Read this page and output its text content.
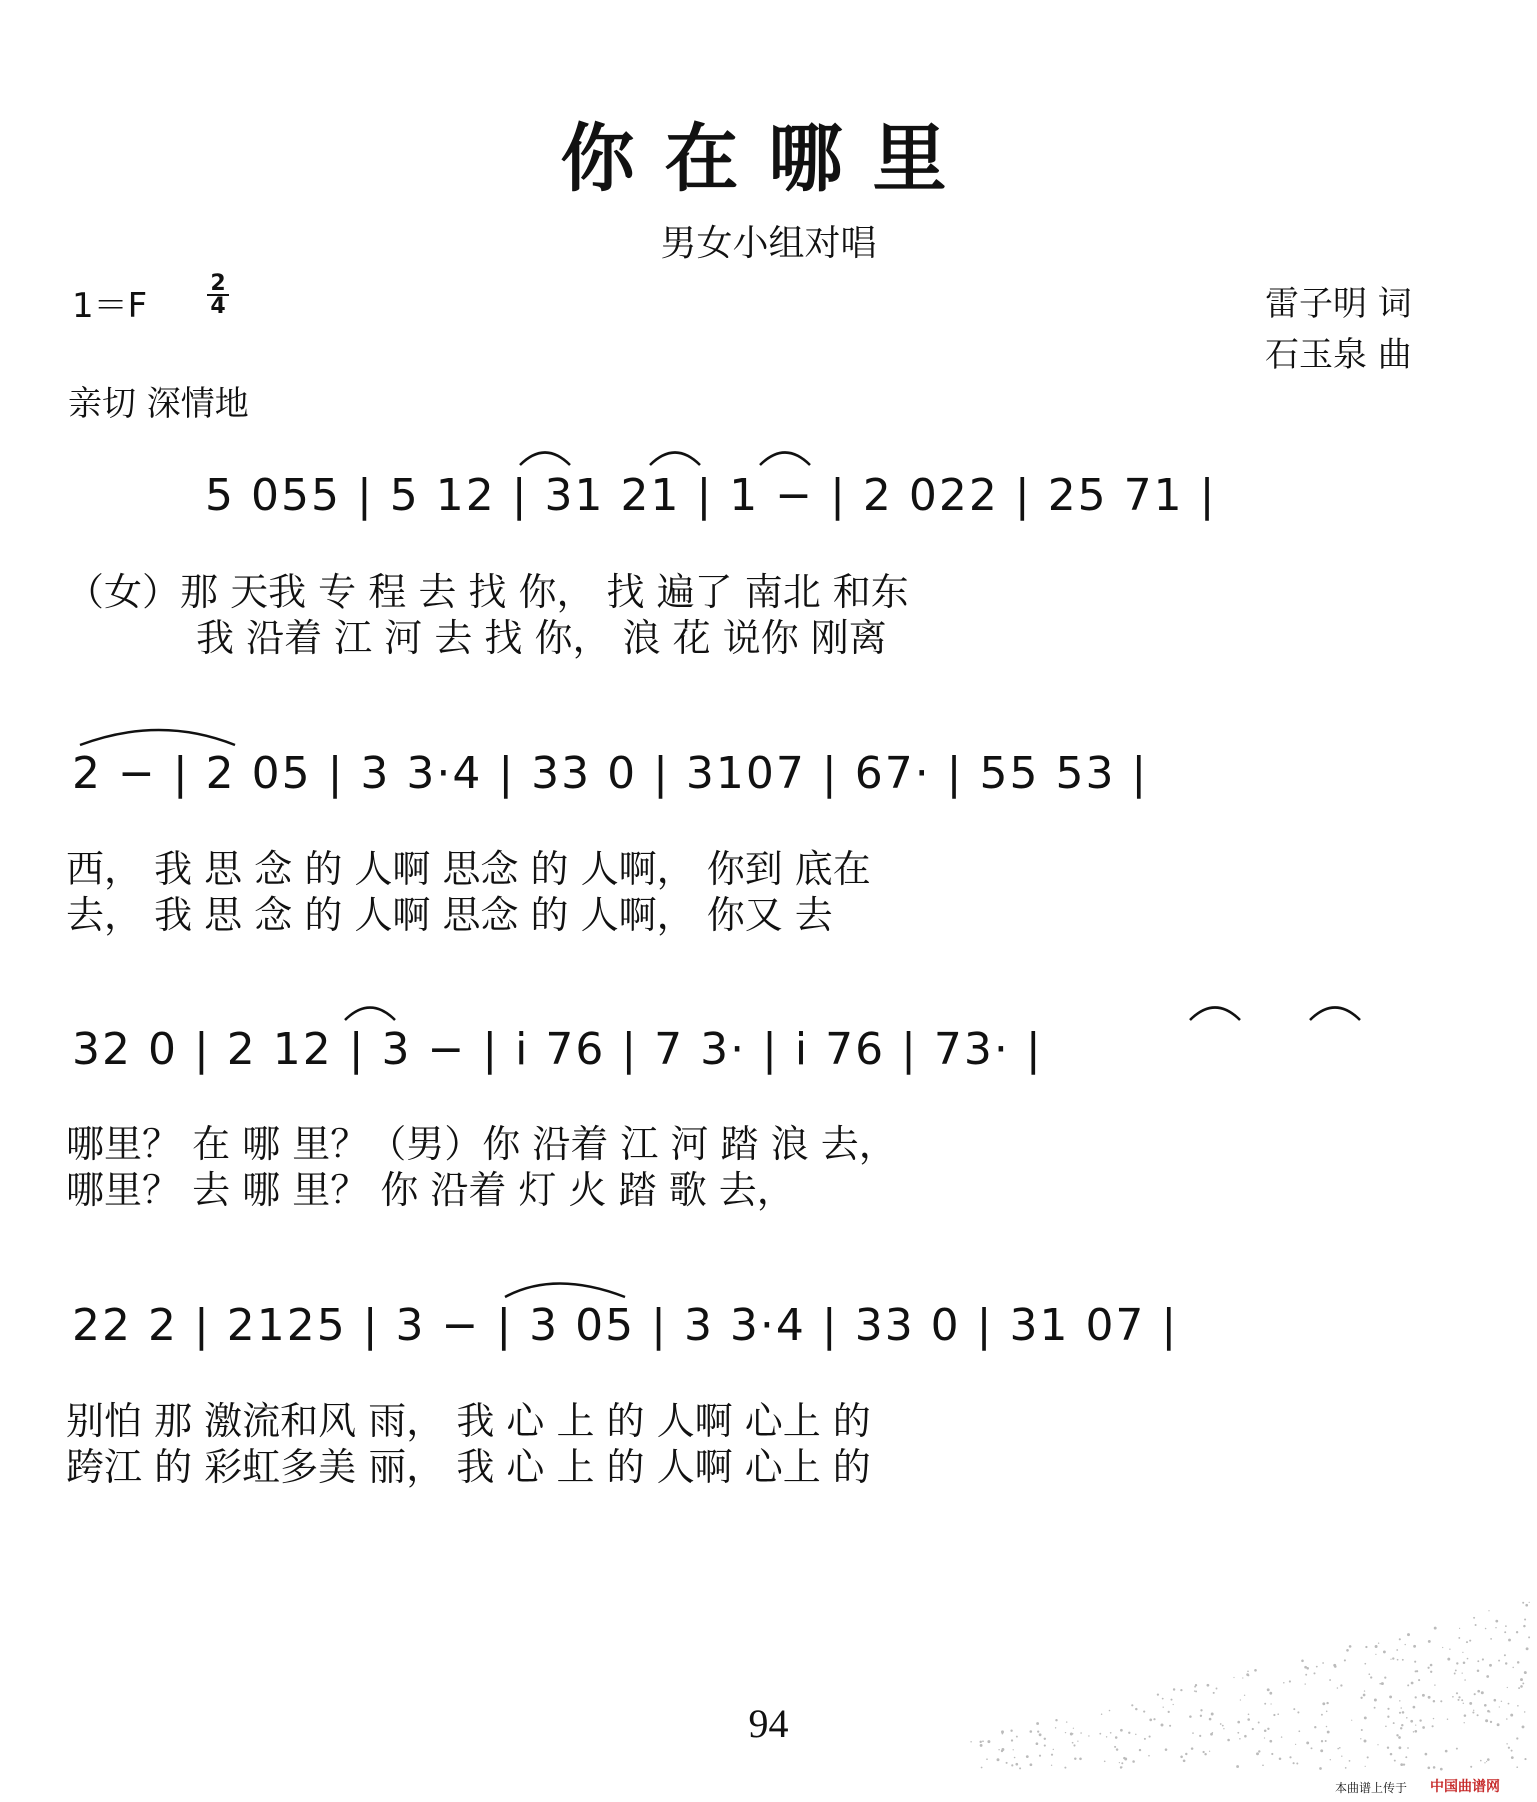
你在哪里
男女小组对唱
1＝F
2
4	雷子明 词
石玉泉 曲
亲切 深情地
5 055 | 5 12 | 31 21 | 1 − | 2 022 | 25 71 |
（女）那 天我 专 程 去 找 你， 找 遍了 南北 和东
我 沿着 江 河 去 找 你， 浪 花 说你 刚离
2 − | 2 05 | 3 3·4 | 33 0 | 3107 | 67· | 55 53 |
西， 我 思 念 的 人啊 思念 的 人啊， 你到 底在
去， 我 思 念 的 人啊 思念 的 人啊， 你又 去
32 0 | 2 12 | 3 − | i 76 | 7 3· | i 76 | 73· |
哪里？ 在 哪 里？（男）你 沿着 江 河 踏 浪 去，
哪里？ 去 哪 里？ 你 沿着 灯 火 踏 歌 去，
22 2 | 2125 | 3 − | 3 05 | 3 3·4 | 33 0 | 31 07 |
别怕 那 激流和风 雨， 我 心 上 的 人啊 心上 的
跨江 的 彩虹多美 丽， 我 心 上 的 人啊 心上 的
94
本曲谱上传于 中国曲谱网
